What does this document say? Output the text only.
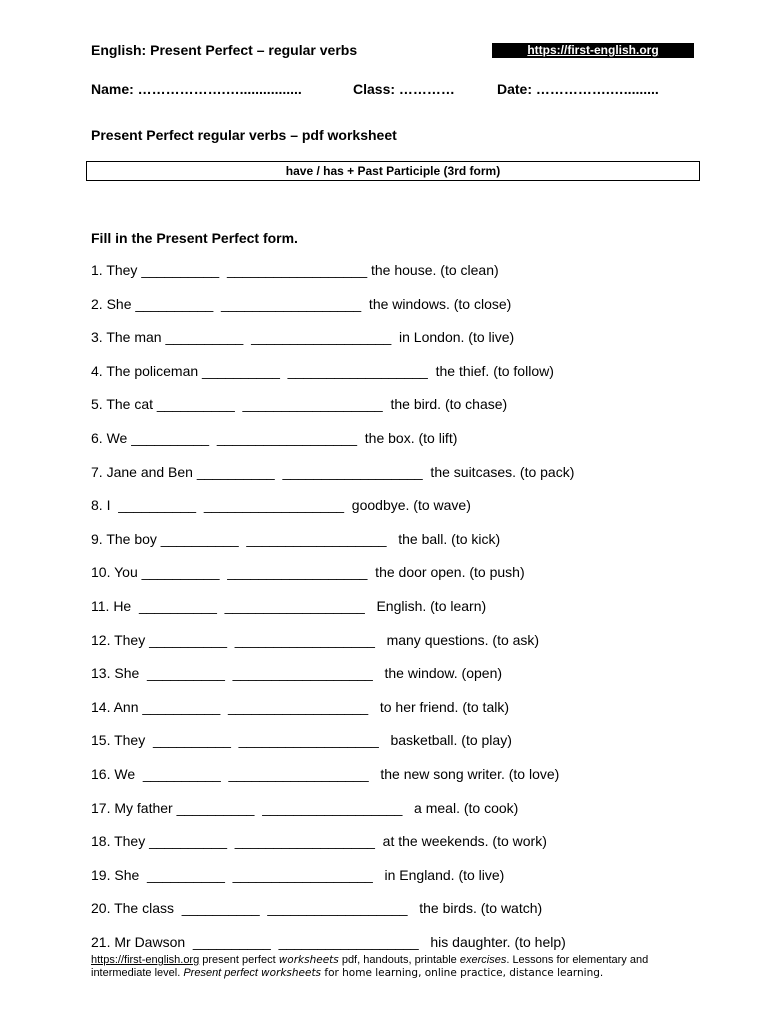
English: Present Perfect – regular verbs	https://first-english.org
Name: ……………….…................	Class: …………	Date: …………….….........
Present Perfect regular verbs – pdf worksheet
have / has + Past Participle (3rd form)
Fill in the Present Perfect form.
1. They __________  __________________ the house. (to clean)
2. She __________  __________________  the windows. (to close)
3. The man __________  __________________  in London. (to live)
4. The policeman __________  __________________  the thief. (to follow)
5. The cat __________  __________________  the bird. (to chase)
6. We __________  __________________  the box. (to lift)
7. Jane and Ben __________  __________________  the suitcases. (to pack)
8. I  __________  __________________  goodbye. (to wave)
9. The boy __________  __________________   the ball. (to kick)
10. You __________  __________________  the door open. (to push)
11. He  __________  __________________   English. (to learn)
12. They __________  __________________   many questions. (to ask)
13. She  __________  __________________   the window. (open)
14. Ann __________  __________________   to her friend. (to talk)
15. They  __________  __________________   basketball. (to play)
16. We  __________  __________________   the new song writer. (to love)
17. My father __________  __________________   a meal. (to cook)
18. They __________  __________________  at the weekends. (to work)
19. She  __________  __________________   in England. (to live)
20. The class  __________  __________________   the birds. (to watch)
21. Mr Dawson  __________  __________________   his daughter. (to help)
https://first-english.org present perfect worksheets pdf, handouts, printable exercises. Lessons for elementary and intermediate level. Present perfect worksheets for home learning, online practice, distance learning.
